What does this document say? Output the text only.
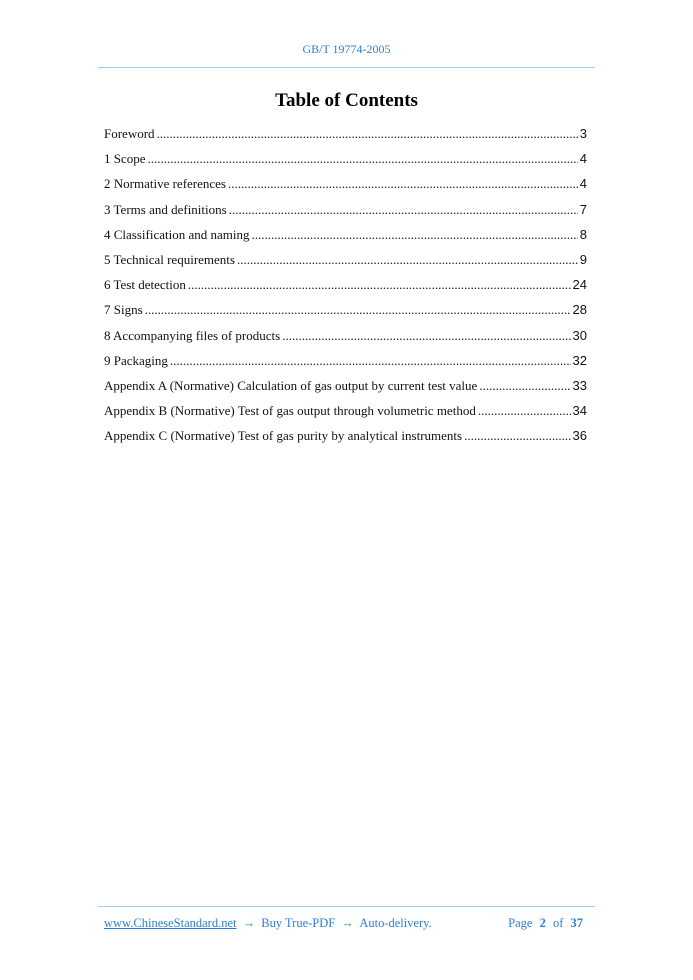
GB/T 19774-2005
Table of Contents
Foreword .....	3
1 Scope .....	4
2 Normative references .....	4
3 Terms and definitions .....	7
4 Classification and naming .....	8
5 Technical requirements .....	9
6 Test detection .....	24
7 Signs .....	28
8 Accompanying files of products .....	30
9 Packaging .....	32
Appendix A (Normative) Calculation of gas output by current test value .....	33
Appendix B (Normative) Test of gas output through volumetric method .....	34
Appendix C (Normative) Test of gas purity by analytical instruments .....	36
www.ChineseStandard.net → Buy True-PDF → Auto-delivery.	Page 2 of 37
